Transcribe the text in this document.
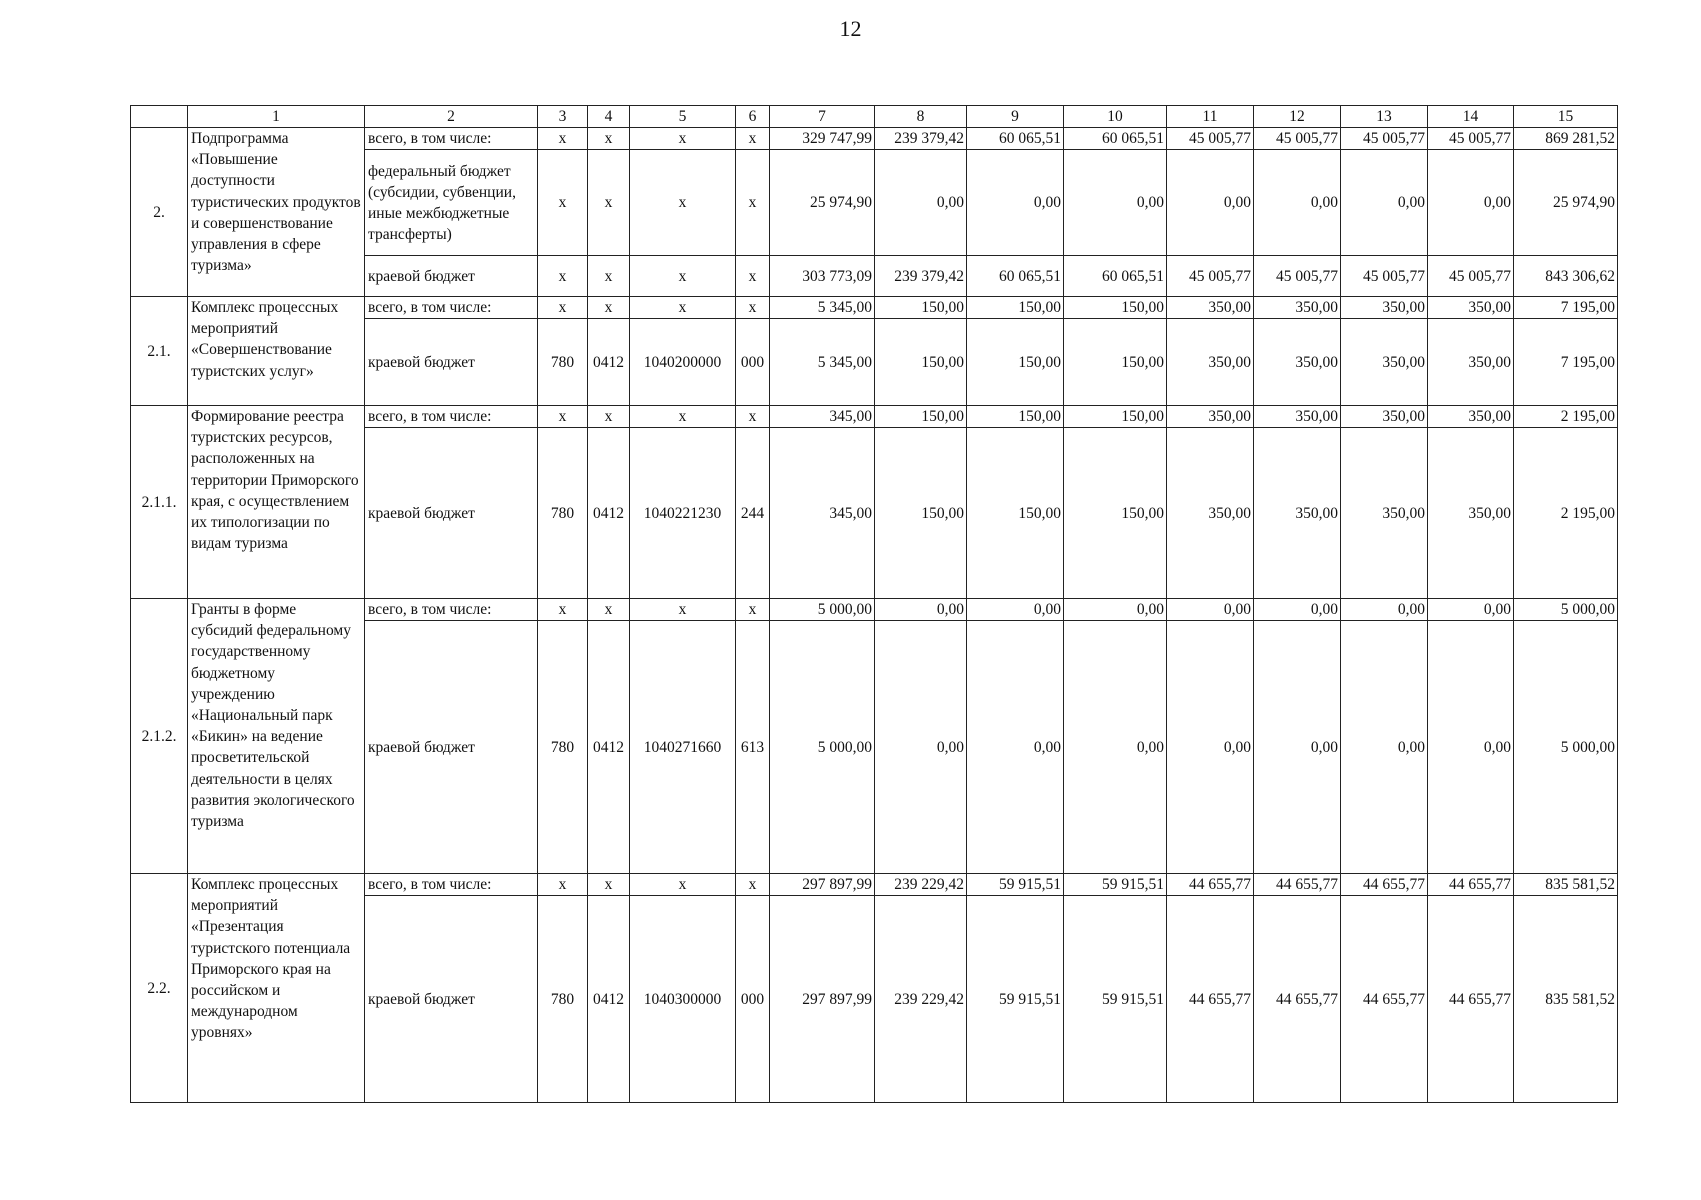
12
	1	2	3	4	5	6	7	8	9	10	11	12	13	14	15
2.	Подпрограмма «Повышение доступности туристических продуктов и совершенствование управления в сфере туризма»	всего, в том числе:	x	x	x	x	329 747,99	239 379,42	60 065,51	60 065,51	45 005,77	45 005,77	45 005,77	45 005,77	869 281,52
		федеральный бюджет (субсидии, субвенции, иные межбюджетные трансферты)	x	x	x	x	25 974,90	0,00	0,00	0,00	0,00	0,00	0,00	0,00	25 974,90
		краевой бюджет	x	x	x	x	303 773,09	239 379,42	60 065,51	60 065,51	45 005,77	45 005,77	45 005,77	45 005,77	843 306,62
2.1.	Комплекс процессных мероприятий «Совершенствование туристских услуг»	всего, в том числе:	x	x	x	x	5 345,00	150,00	150,00	150,00	350,00	350,00	350,00	350,00	7 195,00
		краевой бюджет	780	0412	1040200000	000	5 345,00	150,00	150,00	150,00	350,00	350,00	350,00	350,00	7 195,00
2.1.1.	Формирование реестра туристских ресурсов, расположенных на территории Приморского края, с осуществлением их типологизации по видам туризма	всего, в том числе:	x	x	x	x	345,00	150,00	150,00	150,00	350,00	350,00	350,00	350,00	2 195,00
		краевой бюджет	780	0412	1040221230	244	345,00	150,00	150,00	150,00	350,00	350,00	350,00	350,00	2 195,00
2.1.2.	Гранты в форме субсидий федеральному государственному бюджетному учреждению «Национальный парк «Бикин» на ведение просветительской деятельности в целях развития экологического туризма	всего, в том числе:	x	x	x	x	5 000,00	0,00	0,00	0,00	0,00	0,00	0,00	0,00	5 000,00
		краевой бюджет	780	0412	1040271660	613	5 000,00	0,00	0,00	0,00	0,00	0,00	0,00	0,00	5 000,00
2.2.	Комплекс процессных мероприятий «Презентация туристского потенциала Приморского края на российском и международном уровнях»	всего, в том числе:	x	x	x	x	297 897,99	239 229,42	59 915,51	59 915,51	44 655,77	44 655,77	44 655,77	44 655,77	835 581,52
		краевой бюджет	780	0412	1040300000	000	297 897,99	239 229,42	59 915,51	59 915,51	44 655,77	44 655,77	44 655,77	44 655,77	835 581,52
